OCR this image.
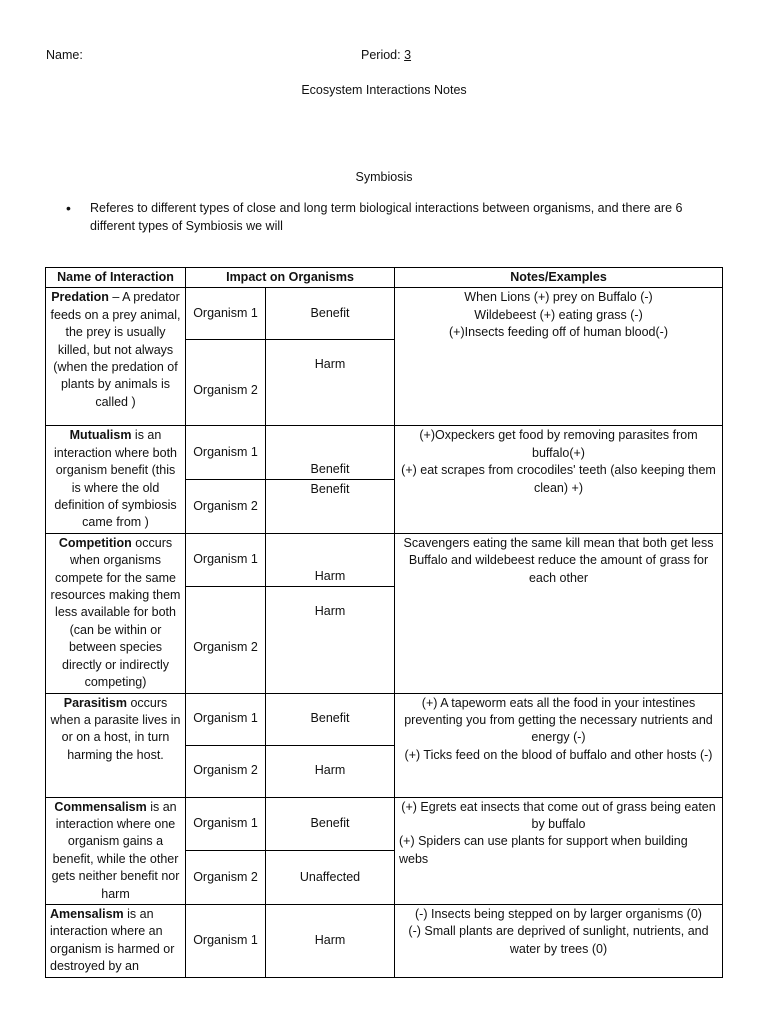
Name:	Period: 3
Ecosystem Interactions Notes
Symbiosis
•	Referes to different types of close and long term biological interactions between organisms, and there are 6 different types of Symbiosis we will
Name of Interaction	Impact on Organisms		Notes/Examples
Predation – A predator feeds on a prey animal, the prey is usually killed, but not always (when the predation of plants by animals is called )	Organism 1	Benefit	When Lions (+) prey on Buffalo (-)
Wildebeest (+) eating grass (-)
(+)Insects feeding off of human blood(-)

	Organism 2	Harm	
Mutualism is an interaction where both organism benefit (this is where the old definition of symbiosis came from )	Organism 1	Benefit	(+)Oxpeckers get food by removing parasites from buffalo(+)
(+) eat scrapes from crocodiles' teeth (also keeping them clean) +)

	Organism 2	Benefit	
Competition occurs when organisms compete for the same resources making them less available for both (can be within or between species directly or indirectly competing)	Organism 1	Harm	Scavengers eating the same kill mean that both get less
Buffalo and wildebeest reduce the amount of grass for each other

	Organism 2	Harm	
Parasitism occurs when a parasite lives in or on a host, in turn harming the host.	Organism 1	Benefit	(+) A tapeworm eats all the food in your intestines preventing you from getting the necessary nutrients and energy (-)
(+) Ticks feed on the blood of buffalo and other hosts (-)

	Organism 2	Harm	
Commensalism is an interaction where one organism gains a benefit, while the other gets neither benefit nor harm	Organism 1	Benefit	(+) Egrets eat insects that come out of grass being eaten by buffalo
(+) Spiders can use plants for support when building webs

	Organism 2	Unaffected	
Amensalism is an interaction where an organism is harmed or destroyed by an	Organism 1	Harm	(-) Insects being stepped on by larger organisms (0)
(-) Small plants are deprived of sunlight, nutrients, and water by trees (0)
